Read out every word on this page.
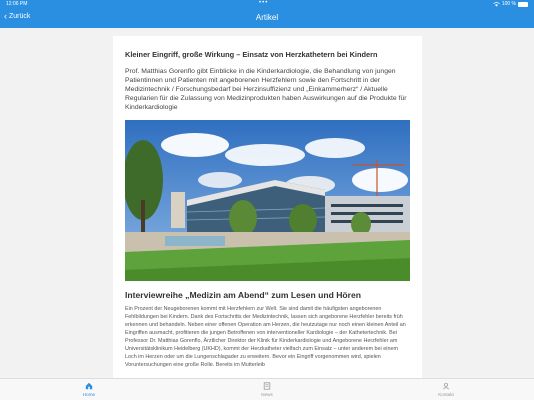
12:06 PM	•••	100 %
‹ Zurück	Artikel
Kleiner Eingriff, große Wirkung – Einsatz von Herzkathetern bei Kindern
Prof. Matthias Gorenflo gibt Einblicke in die Kinderkardiologie, die Behandlung von jungen Patientinnen und Patienten mit angeborenen Herzfehlern sowie den Fortschritt in der Medizintechnik / Forschungsbedarf bei Herzinsuffizienz und „Einkammerherz“ / Aktuelle Regularien für die Zulassung von Medizinprodukten haben Auswirkungen auf die Produkte für Kinderkardiologie
Interviewreihe „Medizin am Abend“ zum Lesen und Hören
Ein Prozent der Neugeborenen kommt mit Herzfehlern zur Welt. Sie sind damit die häufigsten angeborenen Fehlbildungen bei Kindern. Dank des Fortschritts der Medizintechnik, lassen sich angeborene Herzfehler bereits früh erkennen und behandeln. Neben einer offenen Operation am Herzen, die heutzutage nur noch einen kleinen Anteil an Eingriffen ausmacht, profitieren die jungen Betroffenen von interventioneller Kardiologie – der Kathetertechnik. Bei Professor Dr. Matthias Gorenflo, Ärztlicher Direktor der Klinik für Kinderkardiologie und Angeborene Herzfehler am Universitätsklinikum Heidelberg (UKHD), kommt der Herzkatheter vielfach zum Einsatz – unter anderem bei einem Loch im Herzen oder um die Lungenschlagader zu erweitern. Bevor ein Eingriff vorgenommen wird, spielen Voruntersuchungen eine große Rolle. Bereits im Mutterleib
Home	News	Kontakt
